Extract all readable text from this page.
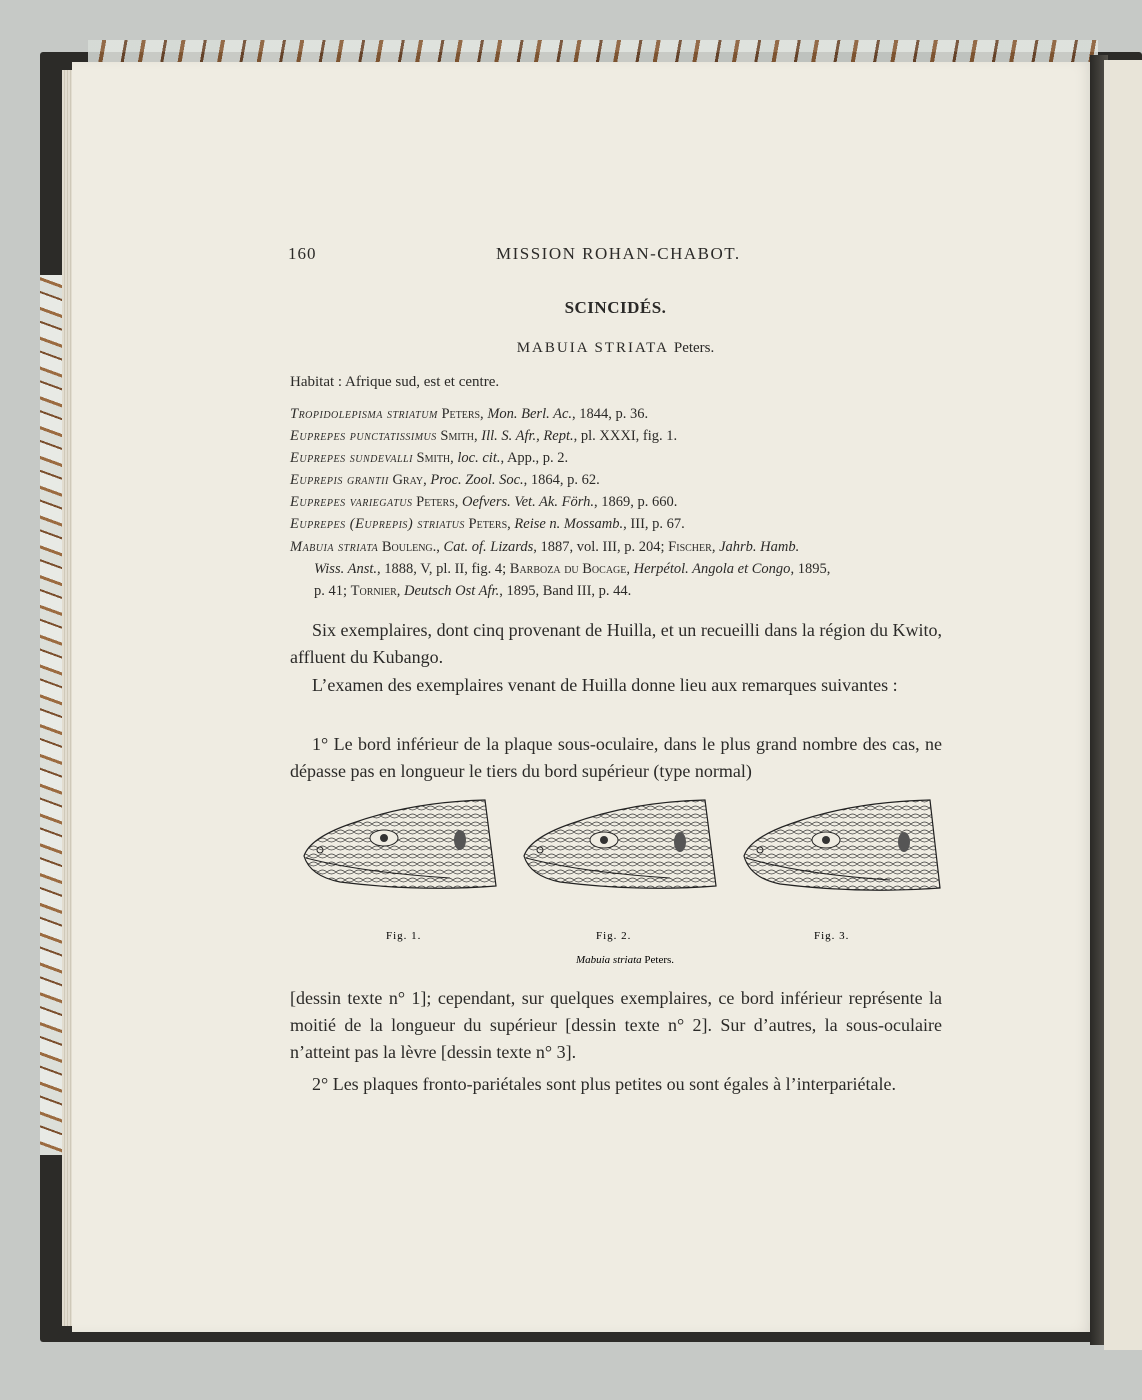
160	MISSION ROHAN-CHABOT.
SCINCIDÉS.
MABUIA STRIATA Peters.
Habitat : Afrique sud, est et centre.
Tropidolepisma striatum Peters, Mon. Berl. Ac., 1844, p. 36.
Euprepes punctatissimus Smith, Ill. S. Afr., Rept., pl. XXXI, fig. 1.
Euprepes sundevalli Smith, loc. cit., App., p. 2.
Euprepis grantii Gray, Proc. Zool. Soc., 1864, p. 62.
Euprepes variegatus Peters, Oefvers. Vet. Ak. Förh., 1869, p. 660.
Euprepes (Euprepis) striatus Peters, Reise n. Mossamb., III, p. 67.
Mabuia striata Bouleng., Cat. of. Lizards, 1887, vol. III, p. 204; Fischer, Jahrb. Hamb.
Wiss. Anst., 1888, V, pl. II, fig. 4; Barboza du Bocage, Herpétol. Angola et Congo, 1895,
p. 41; Tornier, Deutsch Ost Afr., 1895, Band III, p. 44.
Six exemplaires, dont cinq provenant de Huilla, et un recueilli dans la région du Kwito, affluent du Kubango.
L’examen des exemplaires venant de Huilla donne lieu aux remarques suivantes :
1° Le bord inférieur de la plaque sous-oculaire, dans le plus grand nombre des cas, ne dépasse pas en longueur le tiers du bord supérieur (type normal)
[dessin texte n° 1]; cependant, sur quelques exemplaires, ce bord inférieur représente la moitié de la longueur du supérieur [dessin texte n° 2]. Sur d’autres, la sous-oculaire n’atteint pas la lèvre [dessin texte n° 3].
2° Les plaques fronto-pariétales sont plus petites ou sont égales à l’interpariétale.
Fig. 1.	Fig. 2.	Fig. 3.
Mabuia striata Peters.
